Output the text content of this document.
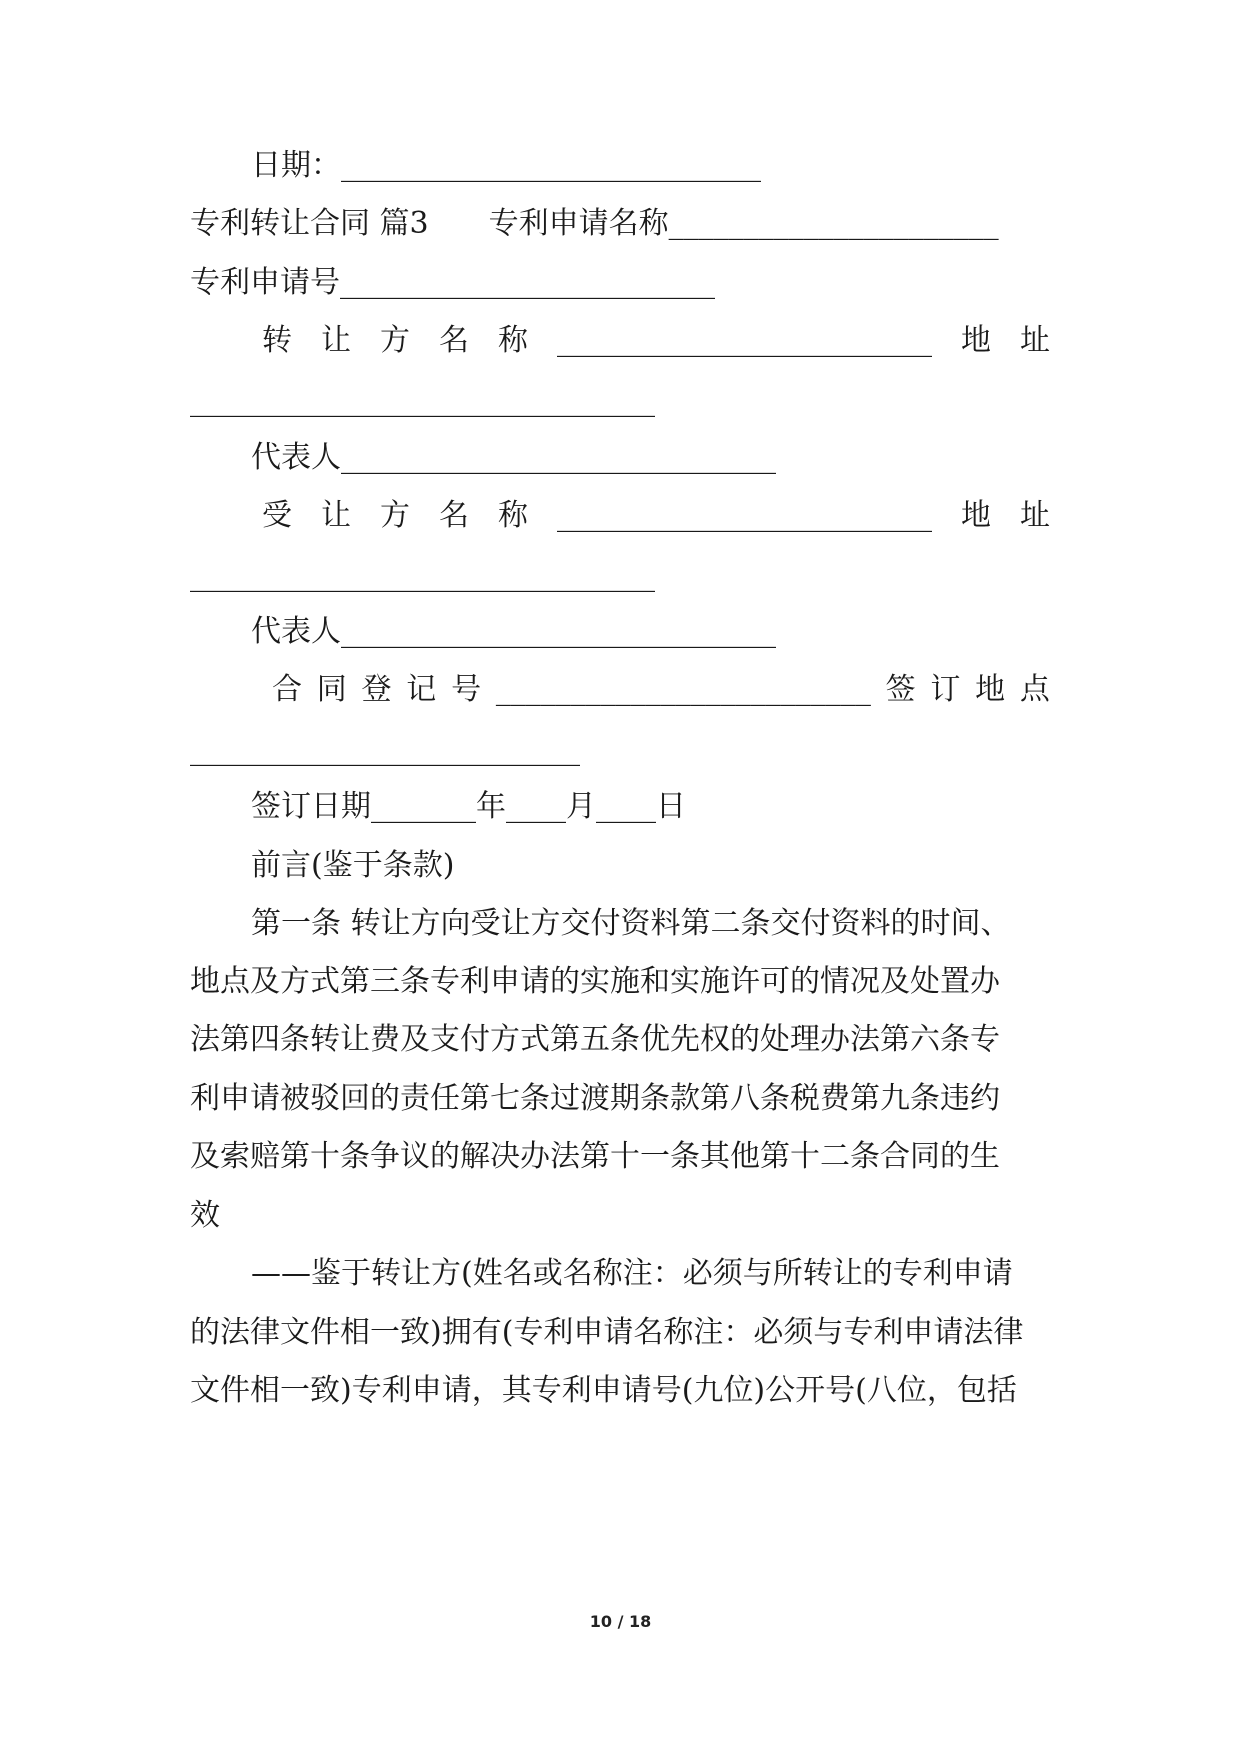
日期：____________________________
专利转让合同 篇3　　专利申请名称______________________
专利申请号_________________________
转 让 方 名 称 _________________________ 地 址
_______________________________
代表人_____________________________
受 让 方 名 称 _________________________ 地 址
_______________________________
代表人_____________________________
合 同 登 记 号 _________________________ 签 订 地 点
__________________________
签订日期_______年____月____日
前言(鉴于条款)
第一条 转让方向受让方交付资料第二条交付资料的时间、
地点及方式第三条专利申请的实施和实施许可的情况及处置办
法第四条转让费及支付方式第五条优先权的处理办法第六条专
利申请被驳回的责任第七条过渡期条款第八条税费第九条违约
及索赔第十条争议的解决办法第十一条其他第十二条合同的生
效
——鉴于转让方(姓名或名称注：必须与所转让的专利申请
的法律文件相一致)拥有(专利申请名称注：必须与专利申请法律
文件相一致)专利申请，其专利申请号(九位)公开号(八位，包括
10 / 18
